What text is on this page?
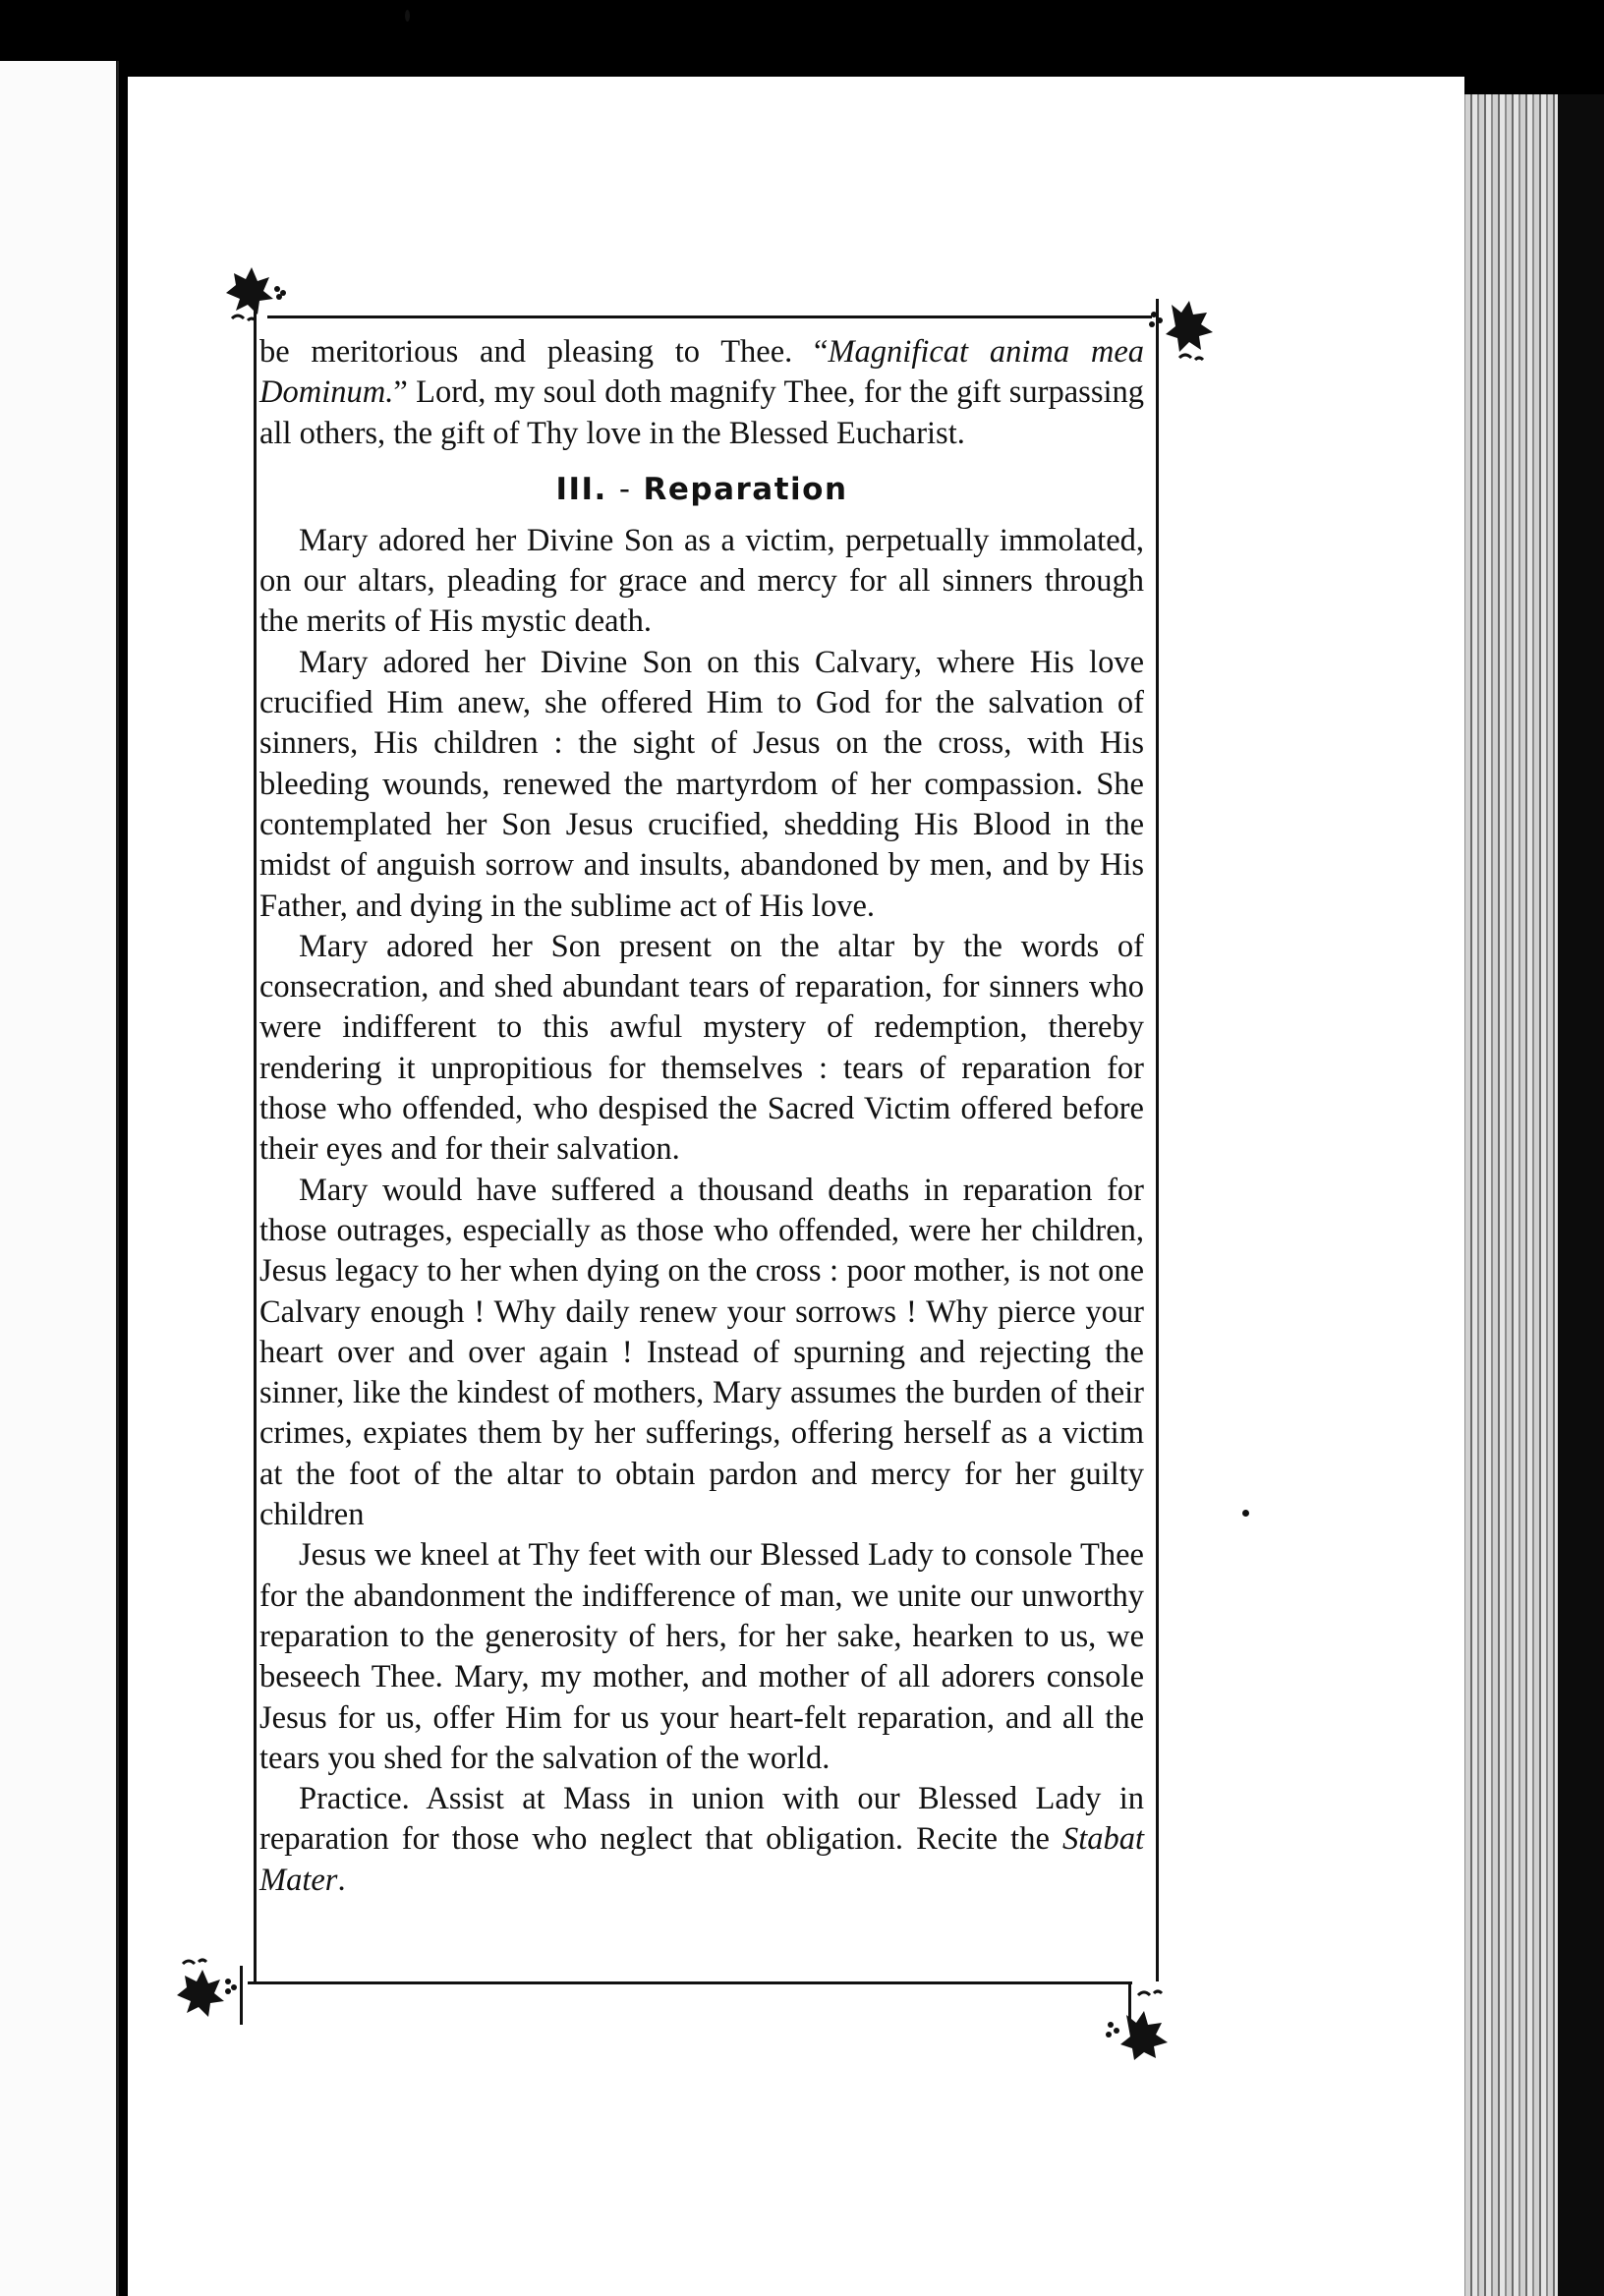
be meritorious and pleasing to Thee. “Magnificat anima mea Dominum.” Lord, my soul doth magnify Thee, for the gift surpassing all others, the gift of Thy love in the Blessed Eucharist.

III. - Reparation

Mary adored her Divine Son as a victim, perpetually immolated, on our altars, pleading for grace and mercy for all sinners through the merits of His mystic death.

Mary adored her Divine Son on this Calvary, where His love crucified Him anew, she offered Him to God for the salvation of sinners, His children : the sight of Jesus on the cross, with His bleeding wounds, renewed the martyrdom of her compassion. She contemplated her Son Jesus crucified, shedding His Blood in the midst of anguish sorrow and insults, abandoned by men, and by His Father, and dying in the sublime act of His love.

Mary adored her Son present on the altar by the words of consecration, and shed abundant tears of reparation, for sinners who were indifferent to this awful mystery of redemption, thereby rendering it unpropitious for themselves : tears of reparation for those who offended, who despised the Sacred Victim offered before their eyes and for their salvation.

Mary would have suffered a thousand deaths in reparation for those outrages, especially as those who offended, were her children, Jesus legacy to her when dying on the cross : poor mother, is not one Calvary enough ! Why daily renew your sorrows ! Why pierce your heart over and over again ! Instead of spurning and rejecting the sinner, like the kindest of mothers, Mary assumes the burden of their crimes, expiates them by her sufferings, offering herself as a victim at the foot of the altar to obtain pardon and mercy for her guilty children

Jesus we kneel at Thy feet with our Blessed Lady to console Thee for the abandonment the indifference of man, we unite our unworthy reparation to the generosity of hers, for her sake, hearken to us, we beseech Thee. Mary, my mother, and mother of all adorers console Jesus for us, offer Him for us your heart-felt reparation, and all the tears you shed for the salvation of the world.

Practice. Assist at Mass in union with our Blessed Lady in reparation for those who neglect that obligation. Recite the Stabat Mater.
